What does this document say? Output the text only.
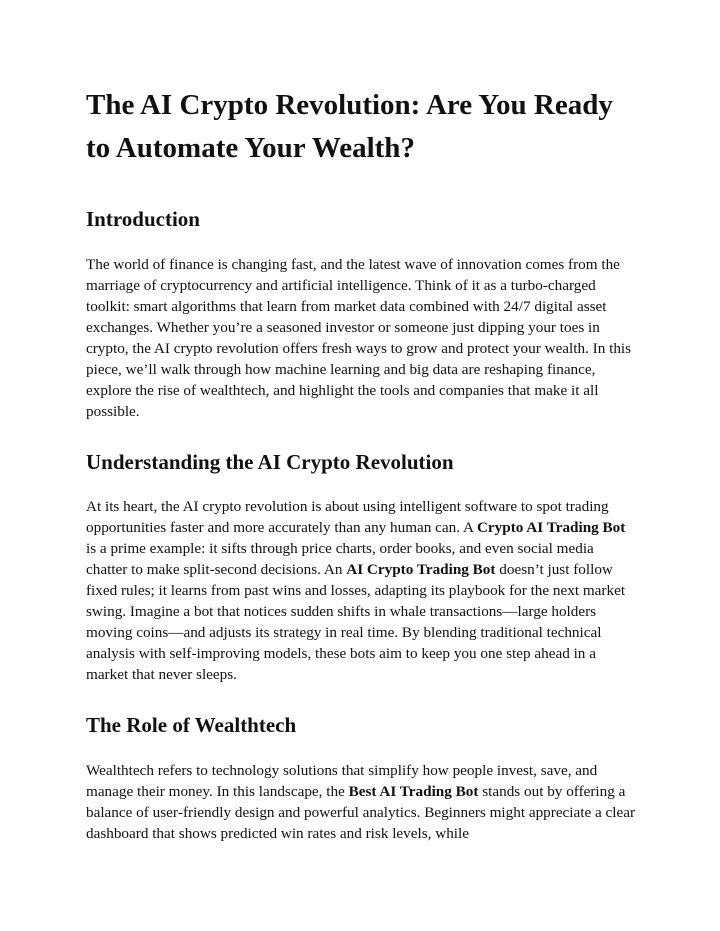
The AI Crypto Revolution: Are You Ready to Automate Your Wealth?
Introduction

The world of finance is changing fast, and the latest wave of innovation comes from the marriage of cryptocurrency and artificial intelligence. Think of it as a turbo‑charged toolkit: smart algorithms that learn from market data combined with 24/7 digital asset exchanges. Whether you’re a seasoned investor or someone just dipping your toes in crypto, the AI crypto revolution offers fresh ways to grow and protect your wealth. In this piece, we’ll walk through how machine learning and big data are reshaping finance, explore the rise of wealthtech, and highlight the tools and companies that make it all possible.

Understanding the AI Crypto Revolution

At its heart, the AI crypto revolution is about using intelligent software to spot trading opportunities faster and more accurately than any human can. A Crypto AI Trading Bot is a prime example: it sifts through price charts, order books, and even social media chatter to make split‑second decisions. An AI Crypto Trading Bot doesn’t just follow fixed rules; it learns from past wins and losses, adapting its playbook for the next market swing. Imagine a bot that notices sudden shifts in whale transactions—large holders moving coins—and adjusts its strategy in real time. By blending traditional technical analysis with self‑improving models, these bots aim to keep you one step ahead in a market that never sleeps.

The Role of Wealthtech

Wealthtech refers to technology solutions that simplify how people invest, save, and manage their money. In this landscape, the Best AI Trading Bot stands out by offering a balance of user‑friendly design and powerful analytics. Beginners might appreciate a clear dashboard that shows predicted win rates and risk levels, while
